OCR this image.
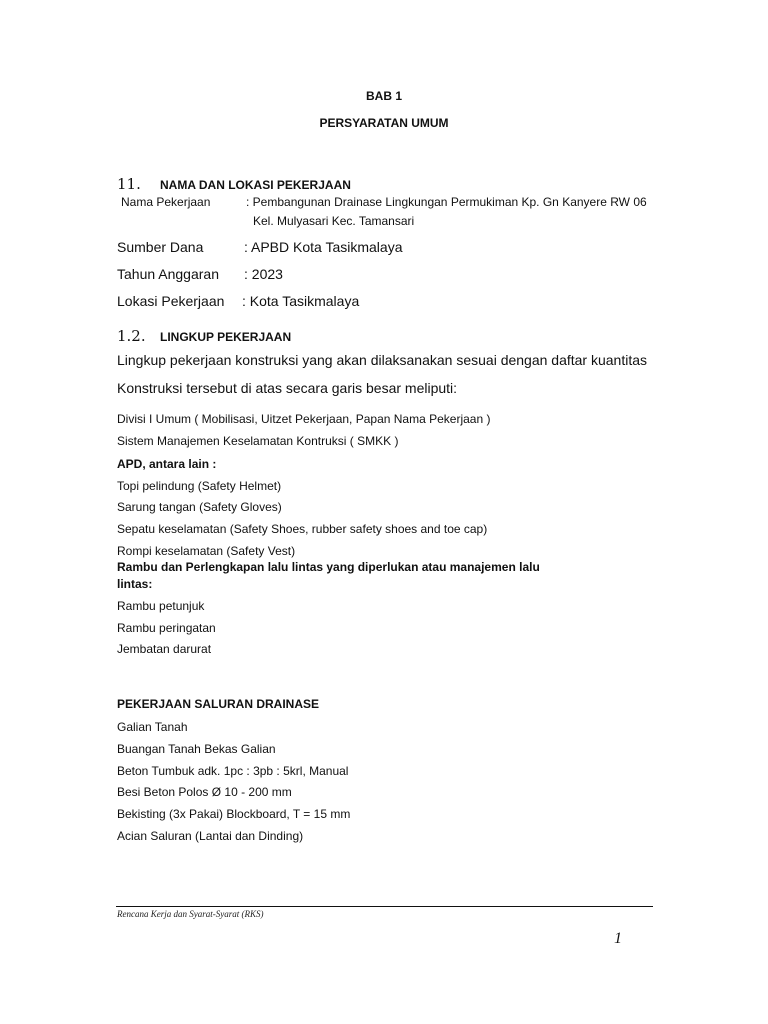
BAB 1

PERSYARATAN UMUM

11. NAMA DAN LOKASI PEKERJAAN

Nama Pekerjaan	: Pembangunan Drainase Lingkungan Permukiman Kp. Gn Kanyere RW 06

Kel. Mulyasari Kec. Tamansari

Sumber Dana	: APBD Kota Tasikmalaya

Tahun Anggaran : 2023

Lokasi Pekerjaan : Kota Tasikmalaya

1.2. LINGKUP PEKERJAAN

Lingkup pekerjaan konstruksi yang akan dilaksanakan sesuai dengan daftar kuantitas

Konstruksi tersebut di atas secara garis besar meliputi:

Divisi I Umum ( Mobilisasi, Uitzet Pekerjaan, Papan Nama Pekerjaan )

Sistem Manajemen Keselamatan Kontruksi ( SMKK )

APD, antara lain :

Topi pelindung (Safety Helmet)

Sarung tangan (Safety Gloves)

Sepatu keselamatan (Safety Shoes, rubber safety shoes and toe cap)

Rompi keselamatan (Safety Vest)

Rambu dan Perlengkapan lalu lintas yang diperlukan atau manajemen lalu

lintas:

Rambu petunjuk

Rambu peringatan

Jembatan darurat

PEKERJAAN SALURAN DRAINASE

Galian Tanah

Buangan Tanah Bekas Galian

Beton Tumbuk adk. 1pc : 3pb : 5krl, Manual

Besi Beton Polos Ø 10 - 200 mm

Bekisting (3x Pakai) Blockboard, T = 15 mm

Acian Saluran (Lantai dan Dinding)

Rencana Kerja dan Syarat-Syarat (RKS)

1
